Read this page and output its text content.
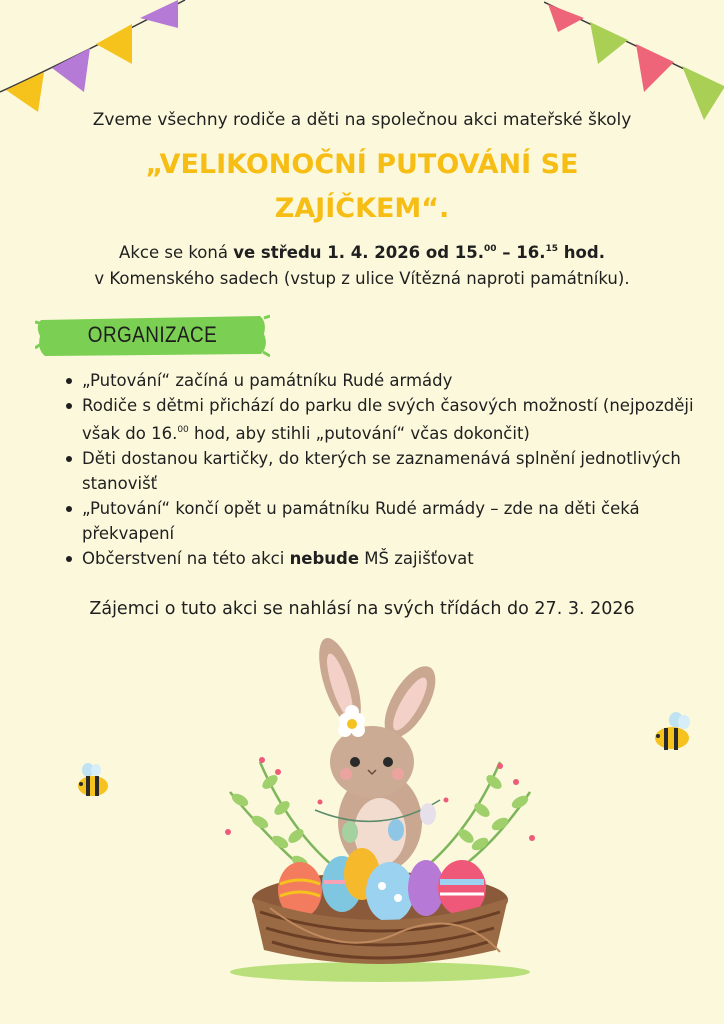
Zveme všechny rodiče a děti na společnou akci mateřské školy
„VELIKONOČNÍ PUTOVÁNÍ SE ZAJÍČKEM“.
Akce se koná ve středu 1. 4. 2026 od 15.00 – 16.15 hod.
v Komenského sadech (vstup z ulice Vítězná naproti památníku).
ORGANIZACE
„Putování“ začíná u památníku Rudé armády
Rodiče s dětmi přichází do parku dle svých časových možností (nejpozději však do 16.00 hod, aby stihli „putování“ včas dokončit)
Děti dostanou kartičky, do kterých se zaznamenává splnění jednotlivých stanovišť
„Putování“ končí opět u památníku Rudé armády – zde na děti čeká překvapení
Občerstvení na této akci nebude MŠ zajišťovat
Zájemci o tuto akci se nahlásí na svých třídách do 27. 3. 2026
